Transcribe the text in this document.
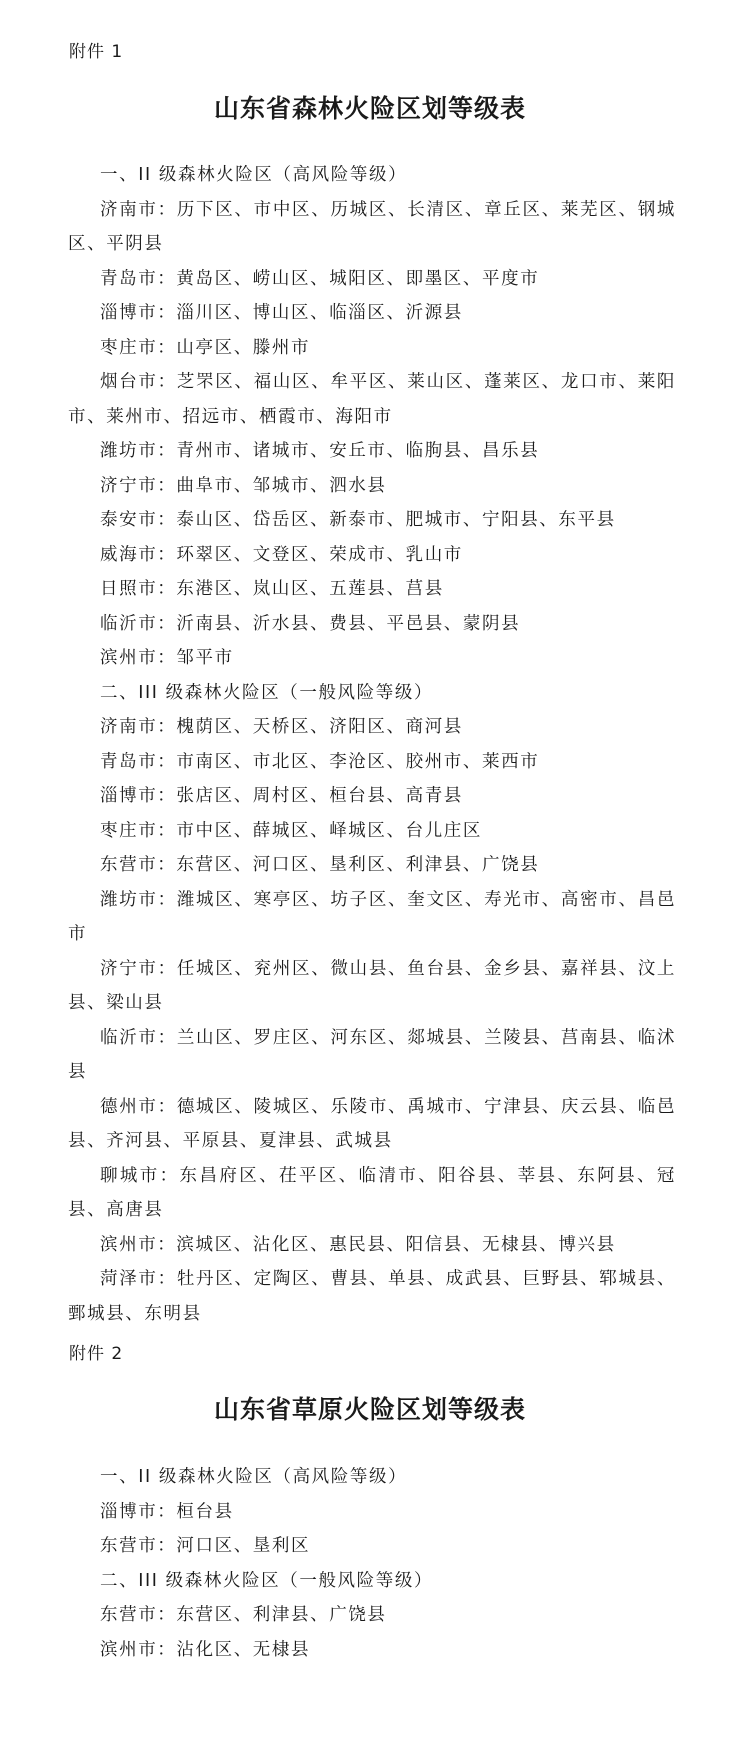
附件 1
山东省森林火险区划等级表

一、II 级森林火险区（高风险等级）

济南市：历下区、市中区、历城区、长清区、章丘区、莱芜区、钢城区、平阴县

青岛市：黄岛区、崂山区、城阳区、即墨区、平度市

淄博市：淄川区、博山区、临淄区、沂源县

枣庄市：山亭区、滕州市

烟台市：芝罘区、福山区、牟平区、莱山区、蓬莱区、龙口市、莱阳市、莱州市、招远市、栖霞市、海阳市

潍坊市：青州市、诸城市、安丘市、临朐县、昌乐县

济宁市：曲阜市、邹城市、泗水县

泰安市：泰山区、岱岳区、新泰市、肥城市、宁阳县、东平县

威海市：环翠区、文登区、荣成市、乳山市

日照市：东港区、岚山区、五莲县、莒县

临沂市：沂南县、沂水县、费县、平邑县、蒙阴县

滨州市：邹平市

二、III 级森林火险区（一般风险等级）

济南市：槐荫区、天桥区、济阳区、商河县

青岛市：市南区、市北区、李沧区、胶州市、莱西市

淄博市：张店区、周村区、桓台县、高青县

枣庄市：市中区、薛城区、峄城区、台儿庄区

东营市：东营区、河口区、垦利区、利津县、广饶县

潍坊市：潍城区、寒亭区、坊子区、奎文区、寿光市、高密市、昌邑市

济宁市：任城区、兖州区、微山县、鱼台县、金乡县、嘉祥县、汶上县、梁山县

临沂市：兰山区、罗庄区、河东区、郯城县、兰陵县、莒南县、临沭县

德州市：德城区、陵城区、乐陵市、禹城市、宁津县、庆云县、临邑县、齐河县、平原县、夏津县、武城县

聊城市：东昌府区、茌平区、临清市、阳谷县、莘县、东阿县、冠县、高唐县

滨州市：滨城区、沾化区、惠民县、阳信县、无棣县、博兴县

菏泽市：牡丹区、定陶区、曹县、单县、成武县、巨野县、郓城县、鄄城县、东明县

附件 2
山东省草原火险区划等级表

一、II 级森林火险区（高风险等级）

淄博市：桓台县

东营市：河口区、垦利区

二、III 级森林火险区（一般风险等级）

东营市：东营区、利津县、广饶县

滨州市：沾化区、无棣县
